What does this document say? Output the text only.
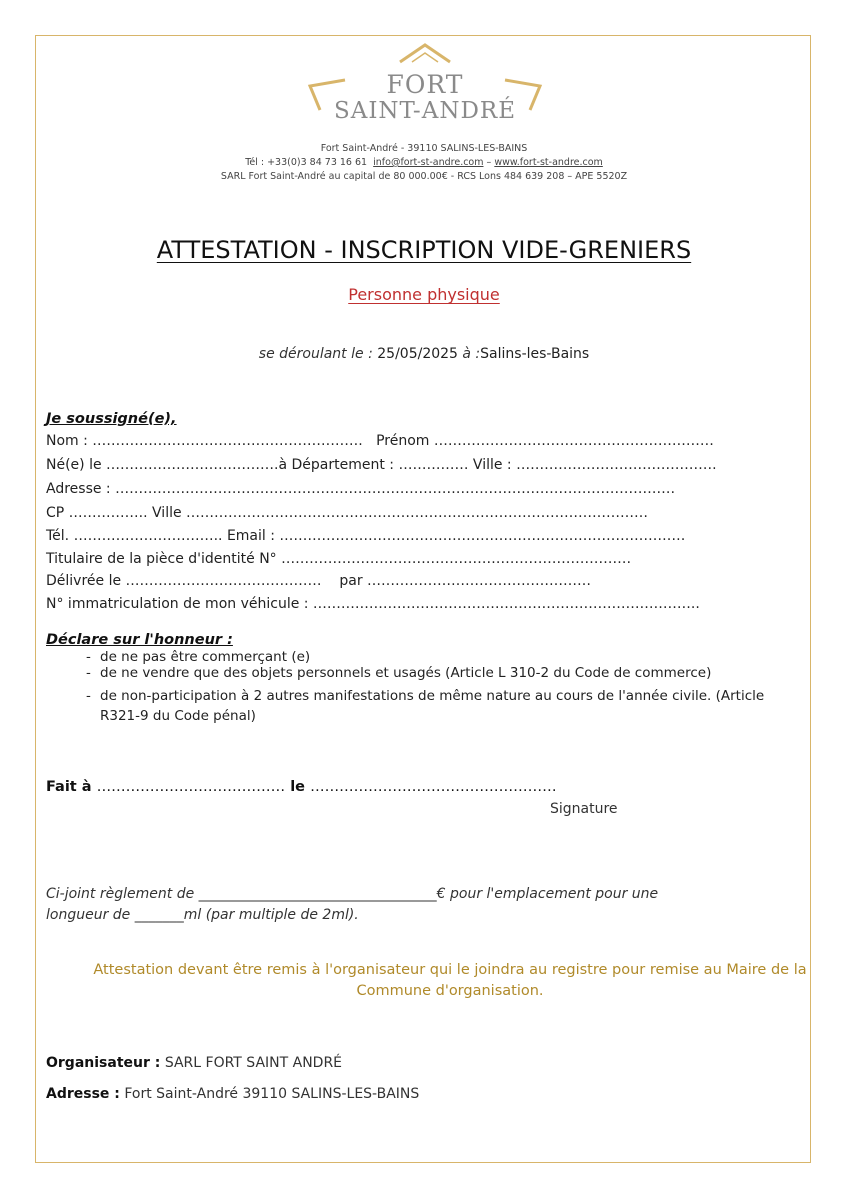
FORT
SAINT-ANDRÉ
Fort Saint-André - 39110 SALINS-LES-BAINS
Tél : +33(0)3 84 73 16 61 info@fort-st-andre.com – www.fort-st-andre.com
SARL Fort Saint-André au capital de 80 000.00€ - RCS Lons 484 639 208 – APE 5520Z
ATTESTATION - INSCRIPTION VIDE-GRENIERS
Personne physique
se déroulant le : 25/05/2025 à :Salins-les-Bains
Je soussigné(e),
Nom : …………………………………………………. Prénom ……………………………………………………
Né(e) le ……………………………….à Département : …………… Ville : …………………………………….
Adresse : …………………………………………………………………………………………………………
CP …………….. Ville ………………………………………………………………………………………
Tél. ………………………….. Email : ……………………………………………………………………………
Titulaire de la pièce d'identité N° …………………………………………………………………
Délivrée le …………………………………… par …………………………………………
N° immatriculation de mon véhicule : ………………………………………………………………………..
Déclare sur l'honneur :
- de ne pas être commerçant (e)
- de ne vendre que des objets personnels et usagés (Article L 310-2 du Code de commerce)
- de non-participation à 2 autres manifestations de même nature au cours de l'année civile. (Article R321-9 du Code pénal)
Fait à ………………………………… le ……………………………………………
Signature
Ci-joint règlement de __________________________________€ pour l'emplacement pour une
longueur de _______ml (par multiple de 2ml).
Attestation devant être remis à l'organisateur qui le joindra au registre pour remise au Maire de la Commune d'organisation.
Organisateur : SARL FORT SAINT ANDRÉ
Adresse : Fort Saint-André 39110 SALINS-LES-BAINS
